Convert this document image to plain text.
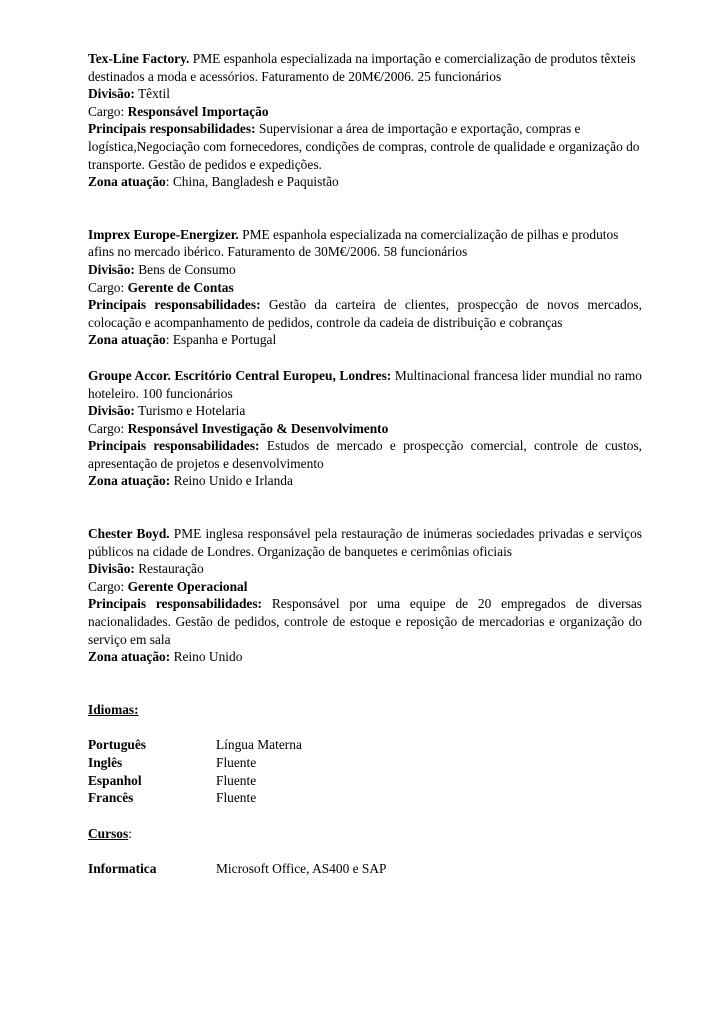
Tex-Line Factory. PME espanhola especializada na importação e comercialização de produtos têxteis destinados a moda e acessórios. Faturamento de 20M€/2006. 25 funcionários
Divisão: Têxtil
Cargo: Responsável Importação
Principais responsabilidades: Supervisionar a área de importação e exportação, compras e logística,Negociação com fornecedores, condições de compras, controle de qualidade e organização do transporte. Gestão de pedidos e expedições.
Zona atuação: China, Bangladesh e Paquistão
Imprex Europe-Energizer. PME espanhola especializada na comercialização de pilhas e produtos afins no mercado ibérico. Faturamento de 30M€/2006. 58 funcionários
Divisão: Bens de Consumo
Cargo: Gerente de Contas
Principais responsabilidades: Gestão da carteira de clientes, prospecção de novos mercados, colocação e acompanhamento de pedidos, controle da cadeia de distribuição e cobranças
Zona atuação: Espanha e Portugal
Groupe Accor. Escritório Central Europeu, Londres: Multinacional francesa lider mundial no ramo hoteleiro. 100 funcionários
Divisão: Turismo e Hotelaria
Cargo: Responsável Investigação & Desenvolvimento
Principais responsabilidades: Estudos de mercado e prospecção comercial, controle de custos, apresentação de projetos e desenvolvimento
Zona atuação: Reino Unido e Irlanda
Chester Boyd. PME inglesa responsável pela restauração de inúmeras sociedades privadas e serviços públicos na cidade de Londres. Organização de banquetes e cerimônias oficiais
Divisão: Restauração
Cargo: Gerente Operacional
Principais responsabilidades: Responsável por uma equipe de 20 empregados de diversas nacionalidades. Gestão de pedidos, controle de estoque e reposição de mercadorias e organização do serviço em sala
Zona atuação: Reino Unido
Idiomas:
Português	Língua Materna
Inglês	Fluente
Espanhol	Fluente
Francês	Fluente
Cursos:
Informatica	Microsoft Office, AS400 e SAP
